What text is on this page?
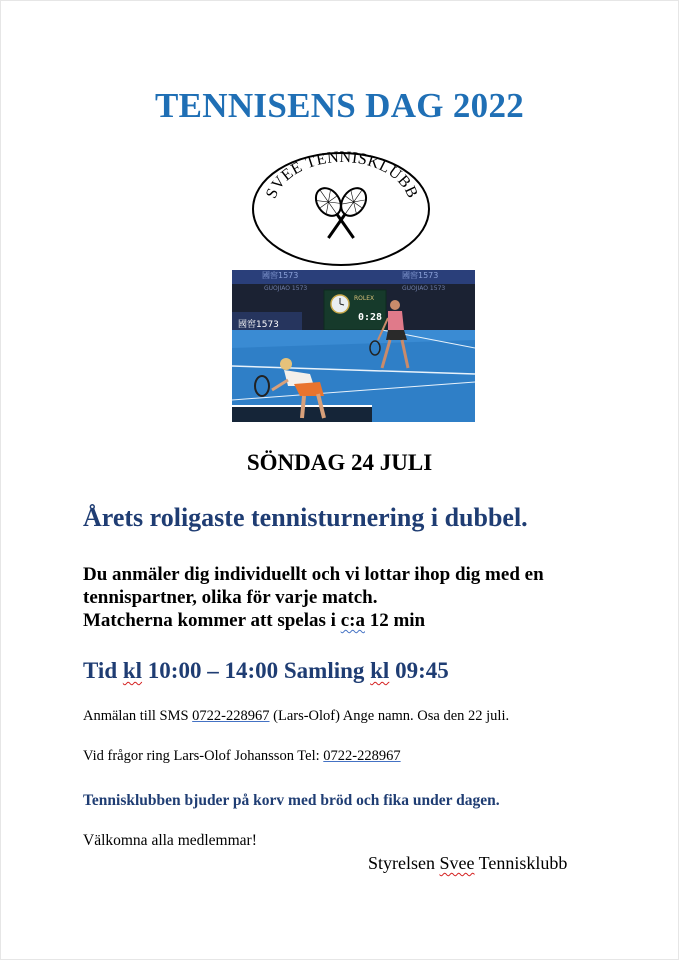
TENNISENS DAG 2022
SVEE TENNISKLUBB
國窖1573	國窖1573
GUOJIAO 1573	GUOJIAO 1573
國窖1573
ROLEX
0:28
SÖNDAG 24 JULI
Årets roligaste tennisturnering i dubbel.
Du anmäler dig individuellt och vi lottar ihop dig med en
tennispartner, olika för varje match.
Matcherna kommer att spelas i c:a 12 min
Tid kl 10:00 – 14:00 Samling kl 09:45
Anmälan till SMS 0722-228967 (Lars-Olof) Ange namn. Osa den 22 juli.
Vid frågor ring Lars-Olof Johansson Tel: 0722-228967
Tennisklubben bjuder på korv med bröd och fika under dagen.
Välkomna alla medlemmar!
Styrelsen Svee Tennisklubb
